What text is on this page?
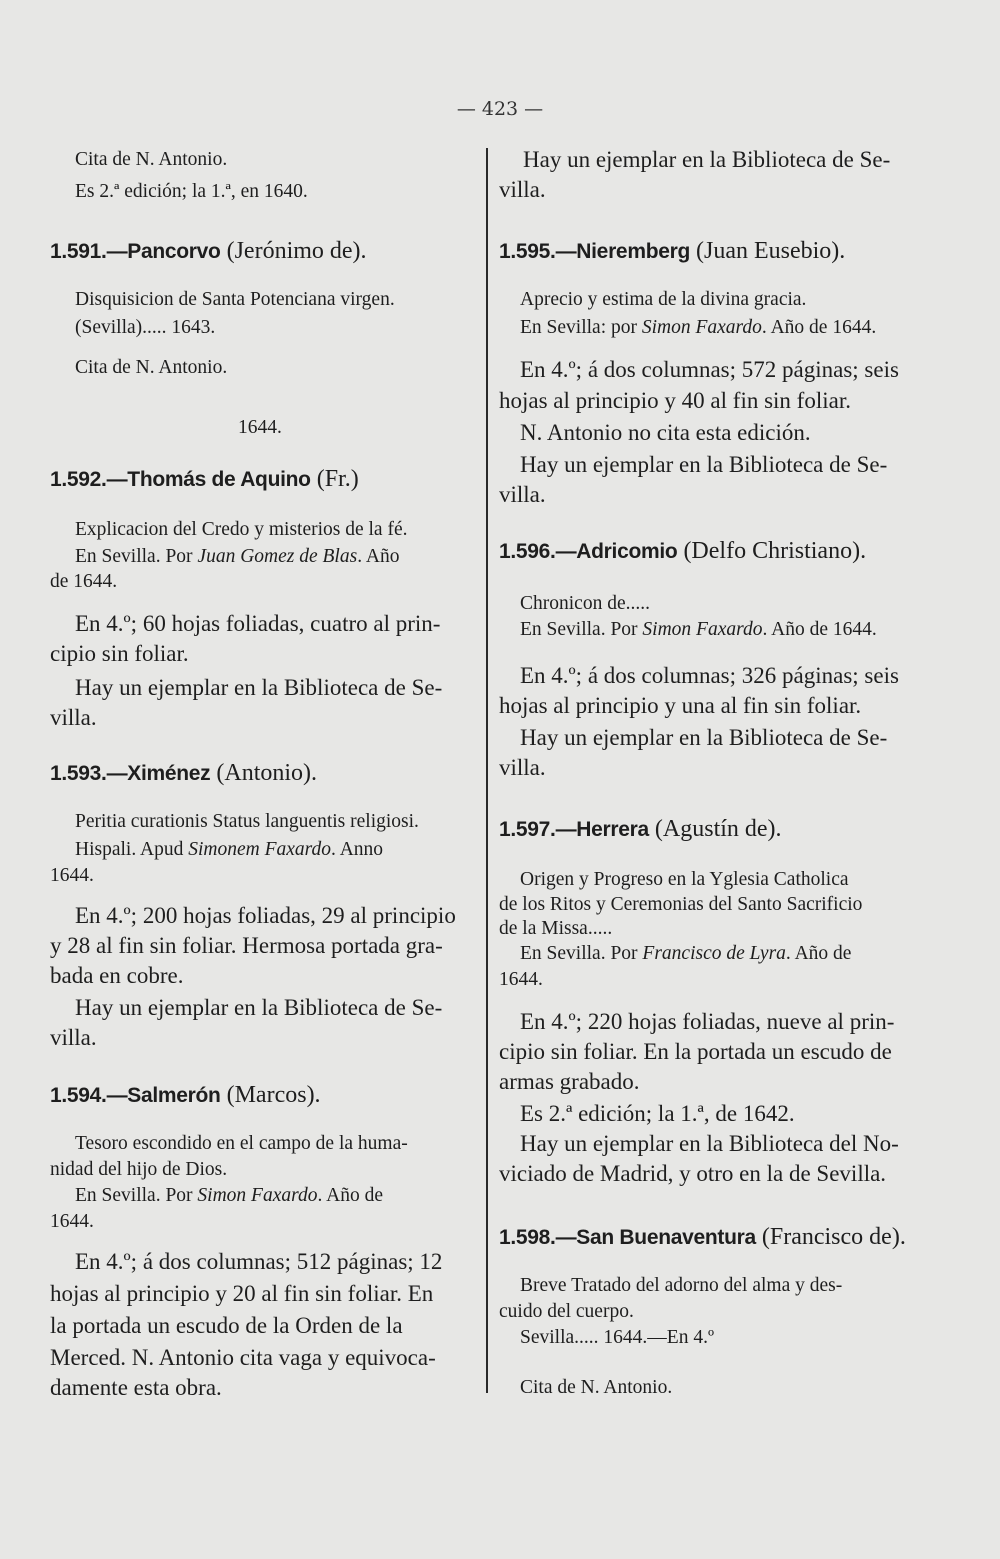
— 423 —
Cita de N. Antonio.
Es 2.ª edición; la 1.ª, en 1640.
1.591.—Pancorvo (Jerónimo de).
Disquisicion de Santa Potenciana virgen.
(Sevilla)..... 1643.
Cita de N. Antonio.
1644.
1.592.—Thomás de Aquino (Fr.)
Explicacion del Credo y misterios de la fé.
En Sevilla. Por Juan Gomez de Blas. Año
de 1644.
En 4.º; 60 hojas foliadas, cuatro al prin-
cipio sin foliar.
Hay un ejemplar en la Biblioteca de Se-
villa.
1.593.—Ximénez (Antonio).
Peritia curationis Status languentis religiosi.
Hispali. Apud Simonem Faxardo. Anno
1644.
En 4.º; 200 hojas foliadas, 29 al principio
y 28 al fin sin foliar. Hermosa portada gra-
bada en cobre.
Hay un ejemplar en la Biblioteca de Se-
villa.
1.594.—Salmerón (Marcos).
Tesoro escondido en el campo de la huma-
nidad del hijo de Dios.
En Sevilla. Por Simon Faxardo. Año de
1644.
En 4.º; á dos columnas; 512 páginas; 12
hojas al principio y 20 al fin sin foliar. En
la portada un escudo de la Orden de la
Merced. N. Antonio cita vaga y equivoca-
damente esta obra.
Hay un ejemplar en la Biblioteca de Se-
villa.
1.595.—Nieremberg (Juan Eusebio).
Aprecio y estima de la divina gracia.
En Sevilla: por Simon Faxardo. Año de 1644.
En 4.º; á dos columnas; 572 páginas; seis
hojas al principio y 40 al fin sin foliar.
N. Antonio no cita esta edición.
Hay un ejemplar en la Biblioteca de Se-
villa.
1.596.—Adricomio (Delfo Christiano).
Chronicon de.....
En Sevilla. Por Simon Faxardo. Año de 1644.
En 4.º; á dos columnas; 326 páginas; seis
hojas al principio y una al fin sin foliar.
Hay un ejemplar en la Biblioteca de Se-
villa.
1.597.—Herrera (Agustín de).
Origen y Progreso en la Yglesia Catholica
de los Ritos y Ceremonias del Santo Sacrificio
de la Missa.....
En Sevilla. Por Francisco de Lyra. Año de
1644.
En 4.º; 220 hojas foliadas, nueve al prin-
cipio sin foliar. En la portada un escudo de
armas grabado.
Es 2.ª edición; la 1.ª, de 1642.
Hay un ejemplar en la Biblioteca del No-
viciado de Madrid, y otro en la de Sevilla.
1.598.—San Buenaventura (Francisco de).
Breve Tratado del adorno del alma y des-
cuido del cuerpo.
Sevilla..... 1644.—En 4.º
Cita de N. Antonio.
